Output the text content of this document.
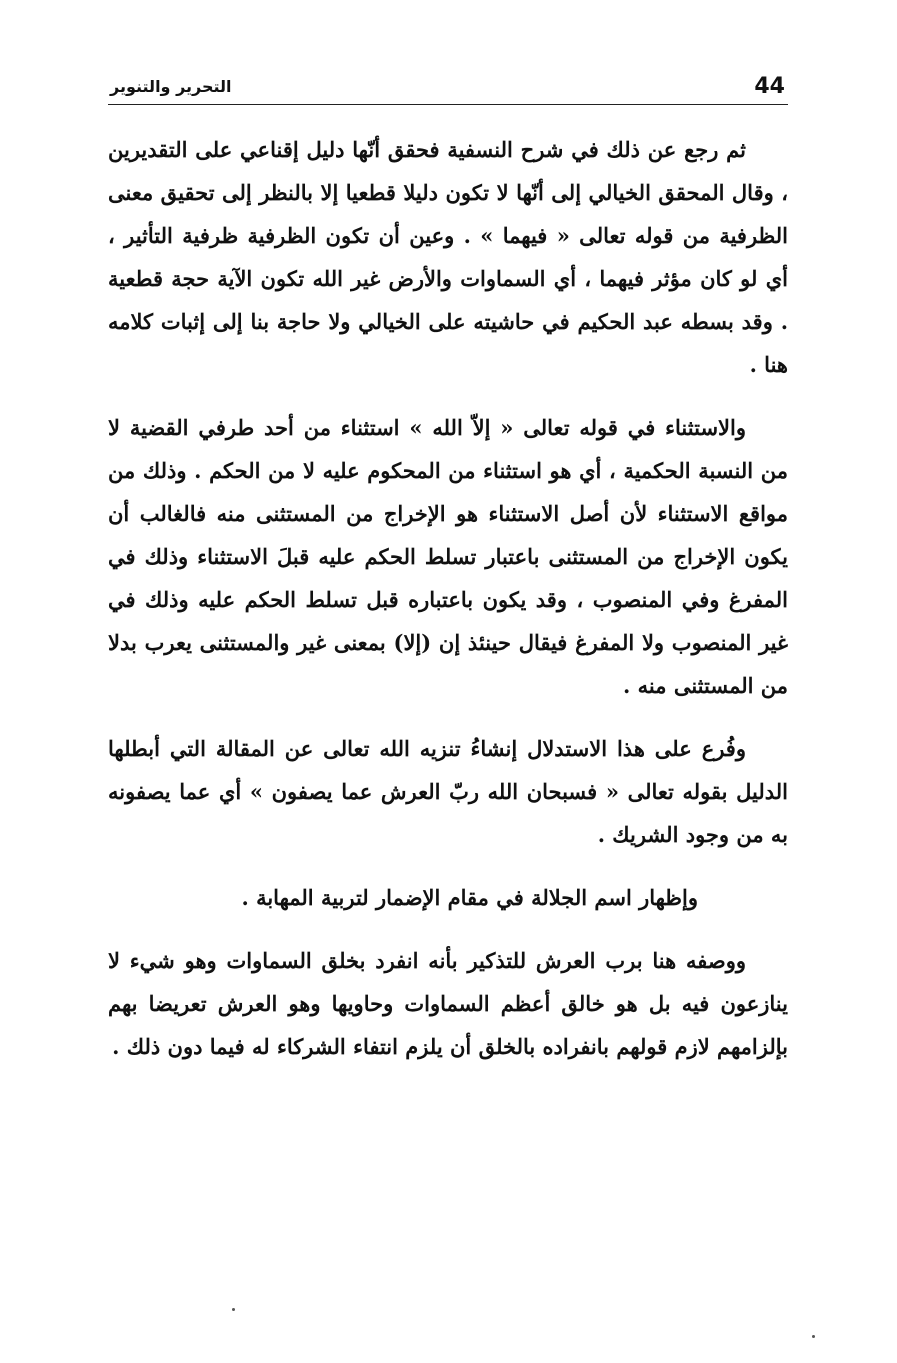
44
التحرير والتنوير

ثم رجع عن ذلك في شرح النسفية فحقق أنّها دليل إقناعي على التقديرين ، وقال المحقق الخيالي إلى أنّها لا تكون دليلا قطعيا إلا بالنظر إلى تحقيق معنى الظرفية من قوله تعالى « فيهما » . وعين أن تكون الظرفية ظرفية التأثير ، أي لو كان مؤثر فيهما ، أي السماوات والأرض غير الله تكون الآية حجة قطعية . وقد بسطه عبد الحكيم في حاشيته على الخيالي ولا حاجة بنا إلى إثبات كلامه هنا .

والاستثناء في قوله تعالى « إلاّ الله » استثناء من أحد طرفي القضية لا من النسبة الحكمية ، أي هو استثناء من المحكوم عليه لا من الحكم . وذلك من مواقع الاستثناء لأن أصل الاستثناء هو الإخراج من المستثنى منه فالغالب أن يكون الإخراج من المستثنى باعتبار تسلط الحكم عليه قبلَ الاستثناء وذلك في المفرغ وفي المنصوب ، وقد يكون باعتباره قبل تسلط الحكم عليه وذلك في غير المنصوب ولا المفرغ فيقال حينئذ إن (إلا) بمعنى غير والمستثنى يعرب بدلا من المستثنى منه .

وفُرع على هذا الاستدلال إنشاءُ تنزيه الله تعالى عن المقالة التي أبطلها الدليل بقوله تعالى « فسبحان الله ربّ العرش عما يصفون » أي عما يصفونه به من وجود الشريك .

وإظهار اسم الجلالة في مقام الإضمار لتربية المهابة .

ووصفه هنا برب العرش للتذكير بأنه انفرد بخلق السماوات وهو شيء لا ينازعون فيه بل هو خالق أعظم السماوات وحاويها وهو العرش تعريضا بهم بإلزامهم لازم قولهم بانفراده بالخلق أن يلزم انتفاء الشركاء له فيما دون ذلك .
